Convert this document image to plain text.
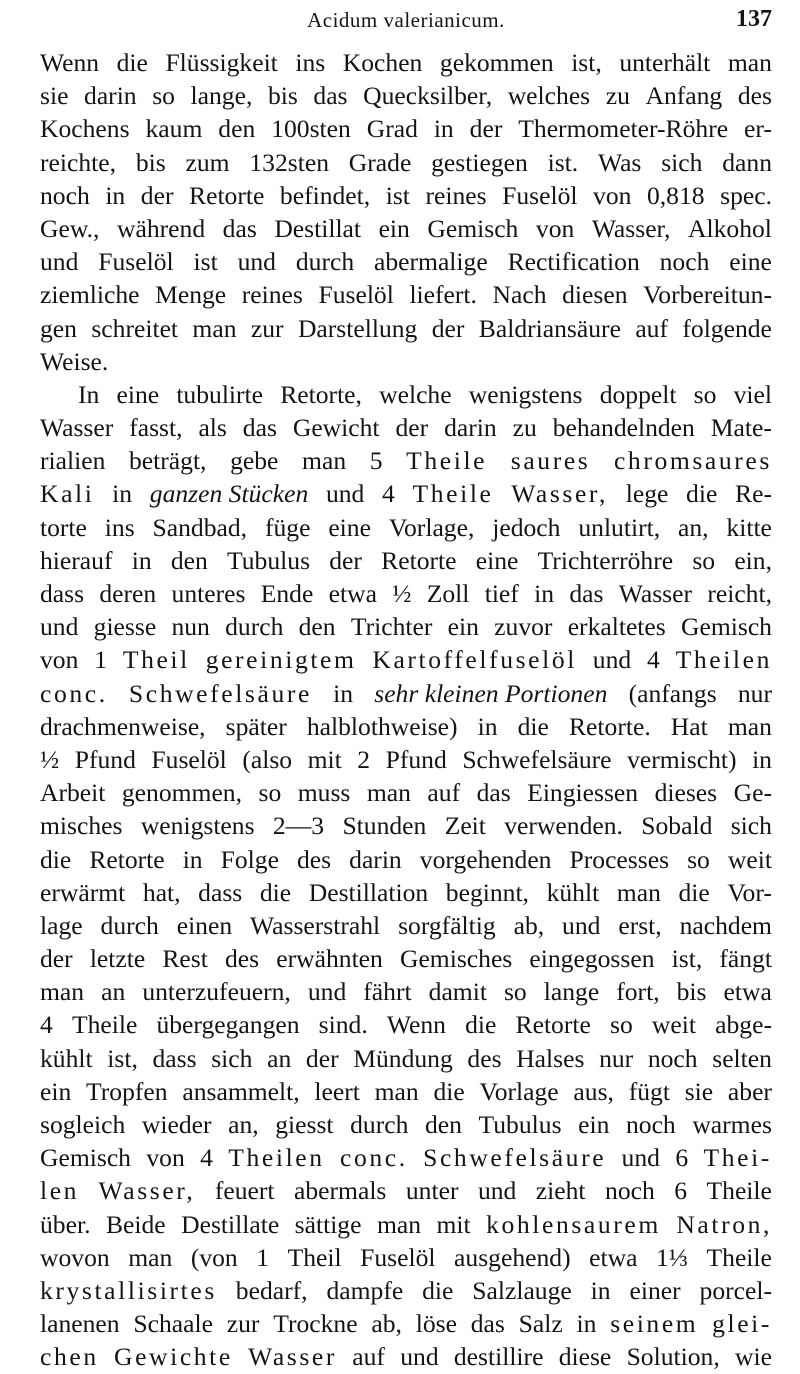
Acidum valerianicum.	137
Wenn die Flüssigkeit ins Kochen gekommen ist, unterhält man
sie darin so lange, bis das Quecksilber, welches zu Anfang des
Kochens kaum den 100sten Grad in der Thermometer-Röhre er-
reichte, bis zum 132sten Grade gestiegen ist. Was sich dann
noch in der Retorte befindet, ist reines Fuselöl von 0,818 spec.
Gew., während das Destillat ein Gemisch von Wasser, Alkohol
und Fuselöl ist und durch abermalige Rectification noch eine
ziemliche Menge reines Fuselöl liefert. Nach diesen Vorbereitun-
gen schreitet man zur Darstellung der Baldriansäure auf folgende
Weise.
In eine tubulirte Retorte, welche wenigstens doppelt so viel
Wasser fasst, als das Gewicht der darin zu behandelnden Mate-
rialien beträgt, gebe man 5 Theile saures chromsaures
Kali in ganzen Stücken und 4 Theile Wasser, lege die Re-
torte ins Sandbad, füge eine Vorlage, jedoch unlutirt, an, kitte
hierauf in den Tubulus der Retorte eine Trichterröhre so ein,
dass deren unteres Ende etwa ½ Zoll tief in das Wasser reicht,
und giesse nun durch den Trichter ein zuvor erkaltetes Gemisch
von 1 Theil gereinigtem Kartoffelfuselöl und 4 Theilen
conc. Schwefelsäure in sehr kleinen Portionen (anfangs nur
drachmenweise, später halblothweise) in die Retorte. Hat man
½ Pfund Fuselöl (also mit 2 Pfund Schwefelsäure vermischt) in
Arbeit genommen, so muss man auf das Eingiessen dieses Ge-
misches wenigstens 2—3 Stunden Zeit verwenden. Sobald sich
die Retorte in Folge des darin vorgehenden Processes so weit
erwärmt hat, dass die Destillation beginnt, kühlt man die Vor-
lage durch einen Wasserstrahl sorgfältig ab, und erst, nachdem
der letzte Rest des erwähnten Gemisches eingegossen ist, fängt
man an unterzufeuern, und fährt damit so lange fort, bis etwa
4 Theile übergegangen sind. Wenn die Retorte so weit abge-
kühlt ist, dass sich an der Mündung des Halses nur noch selten
ein Tropfen ansammelt, leert man die Vorlage aus, fügt sie aber
sogleich wieder an, giesst durch den Tubulus ein noch warmes
Gemisch von 4 Theilen conc. Schwefelsäure und 6 Thei-
len Wasser, feuert abermals unter und zieht noch 6 Theile
über. Beide Destillate sättige man mit kohlensaurem Natron,
wovon man (von 1 Theil Fuselöl ausgehend) etwa 1⅓ Theile
krystallisirtes bedarf, dampfe die Salzlauge in einer porcel-
lanenen Schaale zur Trockne ab, löse das Salz in seinem glei-
chen Gewichte Wasser auf und destillire diese Solution, wie
